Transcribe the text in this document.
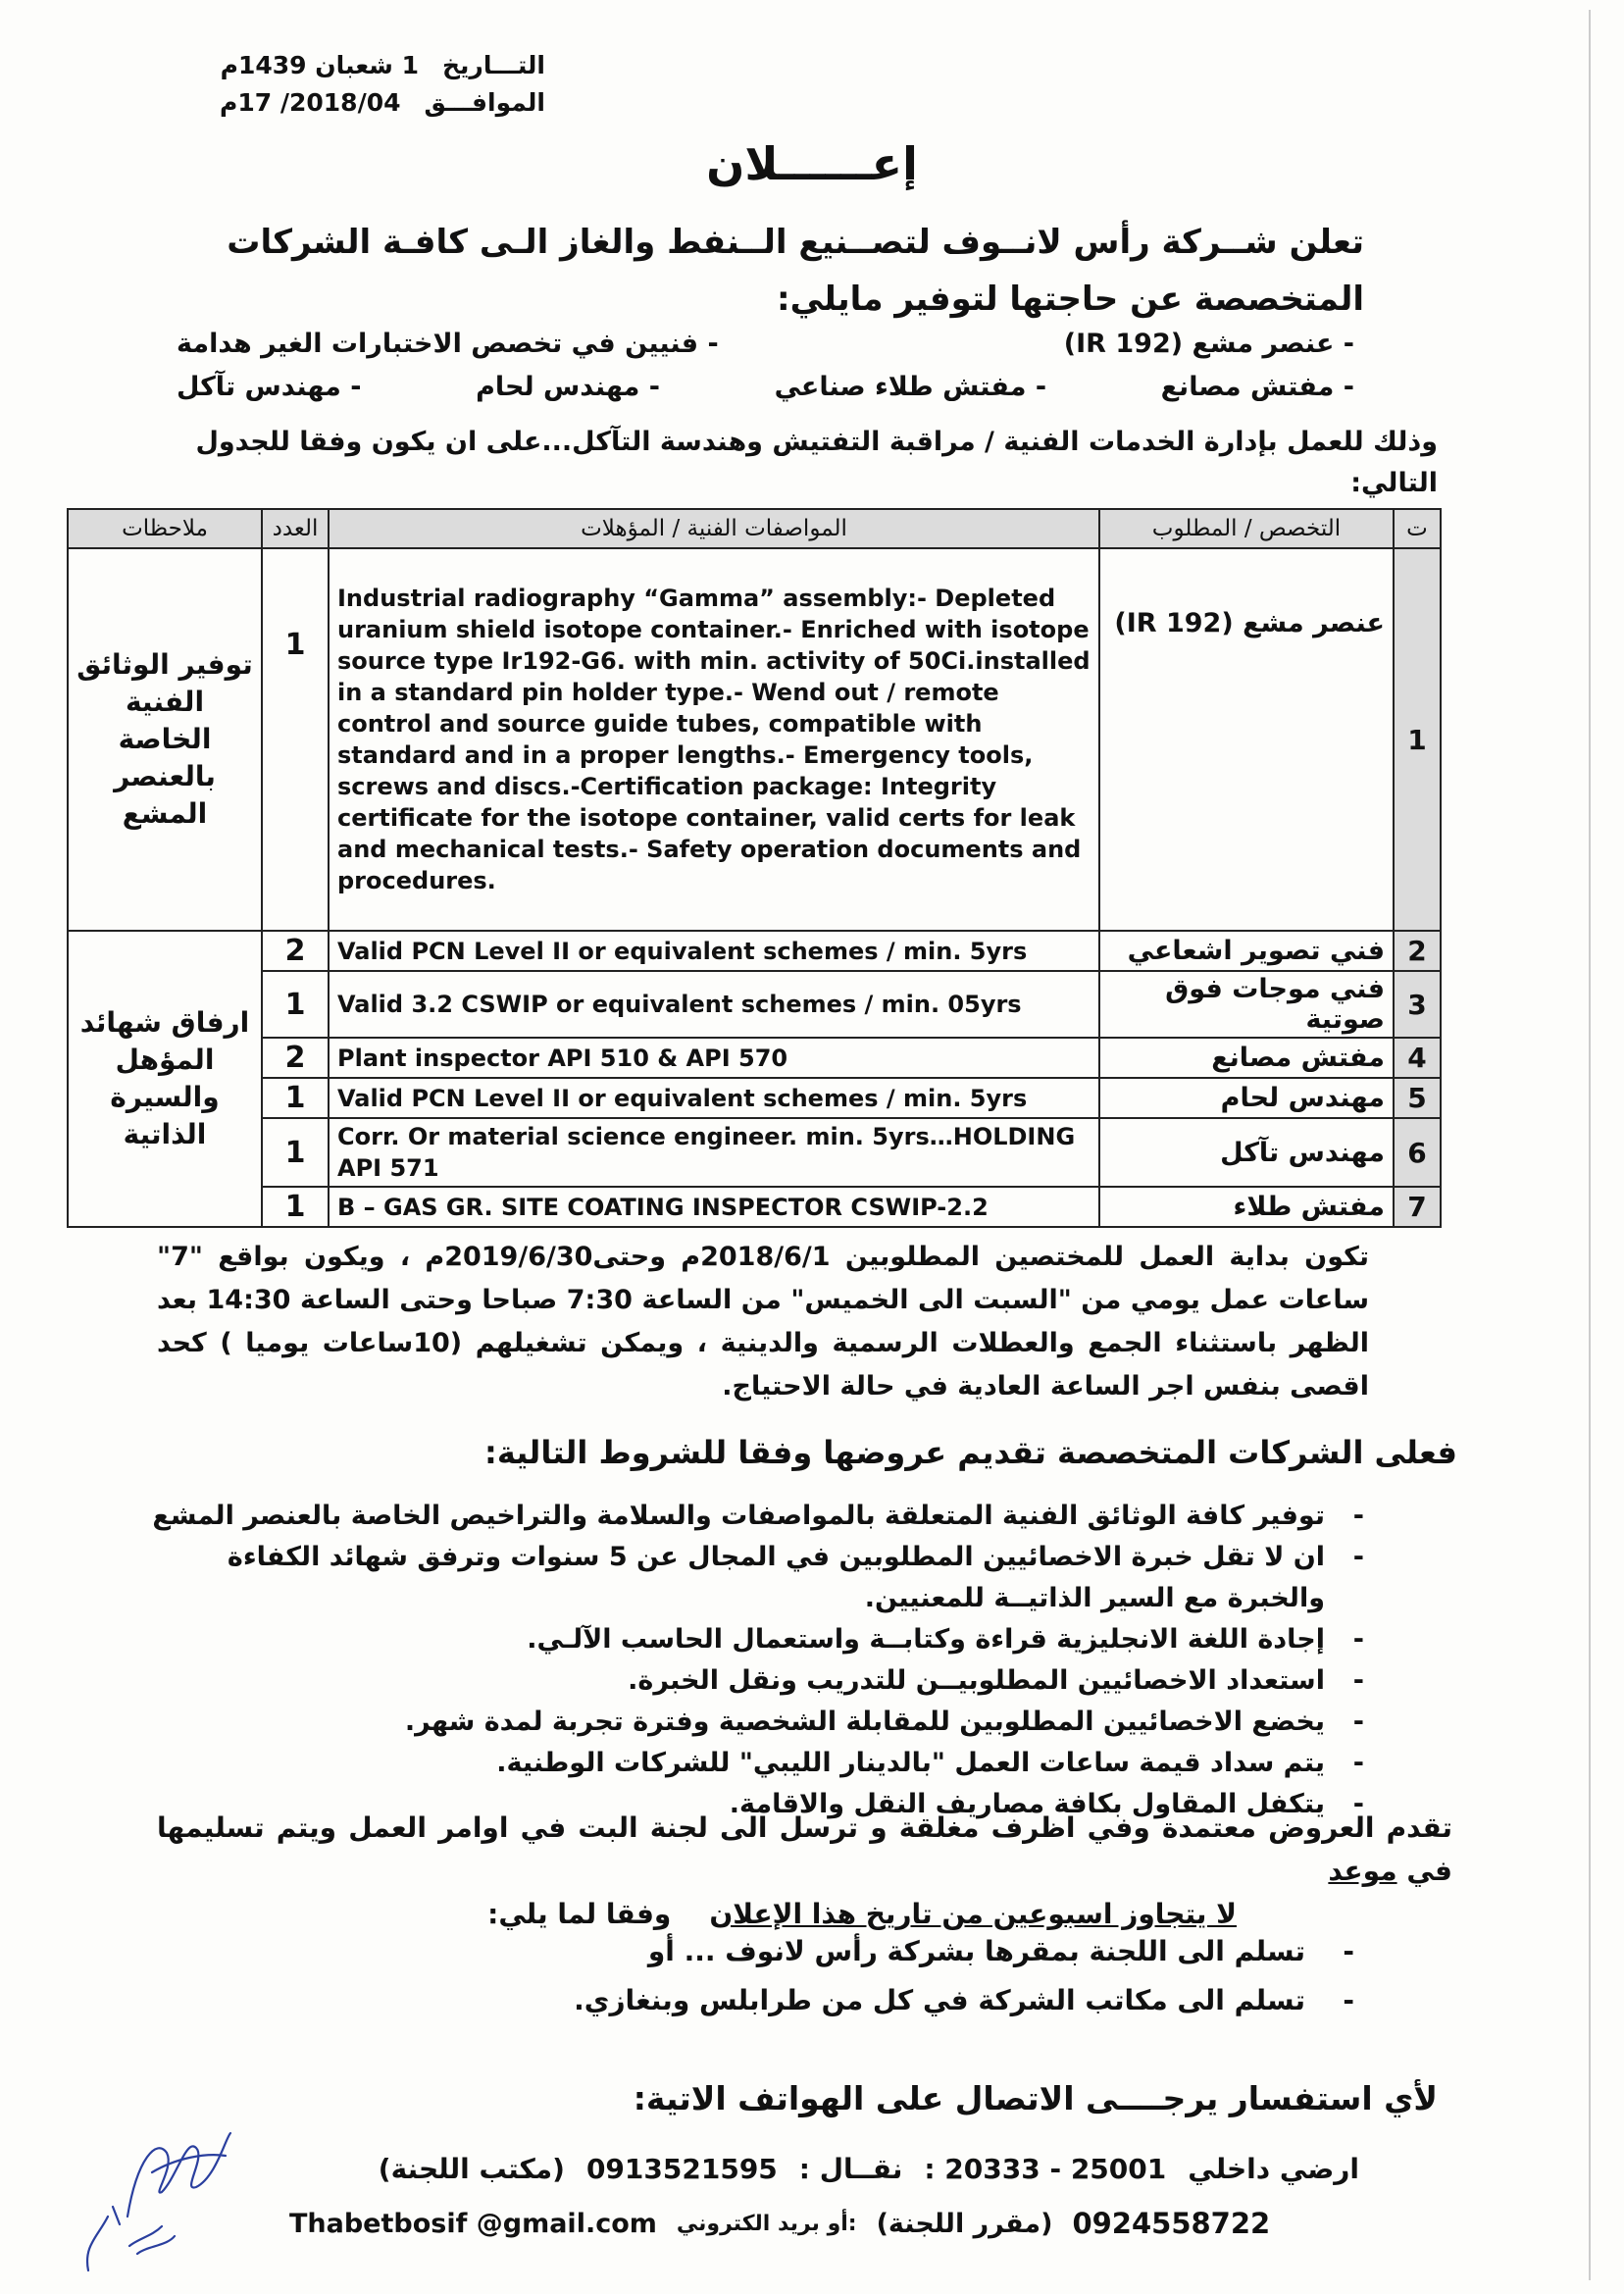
التـــاريخ
1 شعبان 1439م
الموافـــق
2018/04/ 17م
إعــــــلان
تعلن شــركة رأس لانــوف لتصــنيع الــنفط والغاز الـى كافـة الشركات المتخصصة عن حاجتها لتوفير مايلي:
- عنصر مشع (IR 192)
- فنيين في تخصص الاختبارات الغير هدامة
- مفتش مصانع
- مفتش طلاء صناعي
- مهندس لحام
- مهندس تآكل
وذلك للعمل بإدارة الخدمات الفنية / مراقبة التفتيش وهندسة التآكل...على ان يكون وفقا للجدول التالي:
ت	التخصص / المطلوب	المواصفات الفنية / المؤهلات	العدد	ملاحظات
1	عنصر مشع (IR 192)	Industrial radiography “Gamma” assembly:- Depleted uranium shield isotope container.- Enriched with isotope source type Ir192-G6. with min. activity of 50Ci.installed in a standard pin holder type.- Wend out / remote control and source guide tubes, compatible with standard and in a proper lengths.- Emergency tools, screws and discs.-Certification package: Integrity certificate for the isotope container, valid certs for leak and mechanical tests.- Safety operation documents and procedures.	1	توفير الوثائق الفنية الخاصة بالعنصر المشع
2	فني تصوير اشعاعي	Valid PCN Level II or equivalent schemes / min. 5yrs	2	ارفاق شهائد المؤهل والسيرة الذاتية
3	فني موجات فوق صوتية	Valid 3.2 CSWIP or equivalent schemes / min. 05yrs	1	
4	مفتش مصانع	Plant inspector API 510 & API 570	2	
5	مهندس لحام	Valid PCN Level II or equivalent schemes / min. 5yrs	1	
6	مهندس تآكل	Corr. Or material science engineer. min. 5yrs…HOLDING API 571	1	
7	مفتش طلاء	B – GAS GR. SITE COATING INSPECTOR CSWIP-2.2	1	
تكون بداية العمل للمختصين المطلوبين 2018/6/1م وحتى2019/6/30م ، ويكون بواقع "7" ساعات عمل يومي من "السبت الى الخميس" من الساعة 7:30 صباحا وحتى الساعة 14:30 بعد الظهر باستثناء الجمع والعطلات الرسمية والدينية ، ويمكن تشغيلهم (10ساعات يوميا ) كحد اقصى بنفس اجر الساعة العادية في حالة الاحتياج.
فعلى الشركات المتخصصة تقديم عروضها وفقا للشروط التالية:
-
توفير كافة الوثائق الفنية المتعلقة بالمواصفات والسلامة والتراخيص الخاصة بالعنصر المشع
-
ان لا تقل خبرة الاخصائيين المطلوبين في المجال عن 5 سنوات وترفق شهائد الكفاءة والخبرة مع السير الذاتيــة للمعنيين.
-
إجادة اللغة الانجليزية قراءة وكتابــة واستعمال الحاسب الآلـي.
-
استعداد الاخصائيين المطلوبيــن للتدريب ونقل الخبرة.
-
يخضع الاخصائيين المطلوبين للمقابلة الشخصية وفترة تجربة لمدة شهر.
-
يتم سداد قيمة ساعات العمل "بالدينار الليبي" للشركات الوطنية.
-
يتكفل المقاول بكافة مصاريف النقل والاقامة.
تقدم العروض معتمدة وفي اظرف مغلقة و ترسل الى لجنة البت في اوامر العمل ويتم تسليمها في موعد
لا يتجاوز اسبوعين من تاريخ هذا الإعلان    وفقا لما يلي:
-
تسلم الى اللجنة بمقرها بشركة رأس لانوف ... أو
-
تسلم الى مكاتب الشركة في كل من طرابلس وبنغازي.
لأي استفسار يرجــــى الاتصال على الهواتف الاتية:
ارضي داخلي
: 20333 - 25001
نقــال :
0913521595
(مكتب اللجنة)
Thabetbosif @gmail.com :أو بريد الكتروني (مقرر اللجنة) 0924558722
